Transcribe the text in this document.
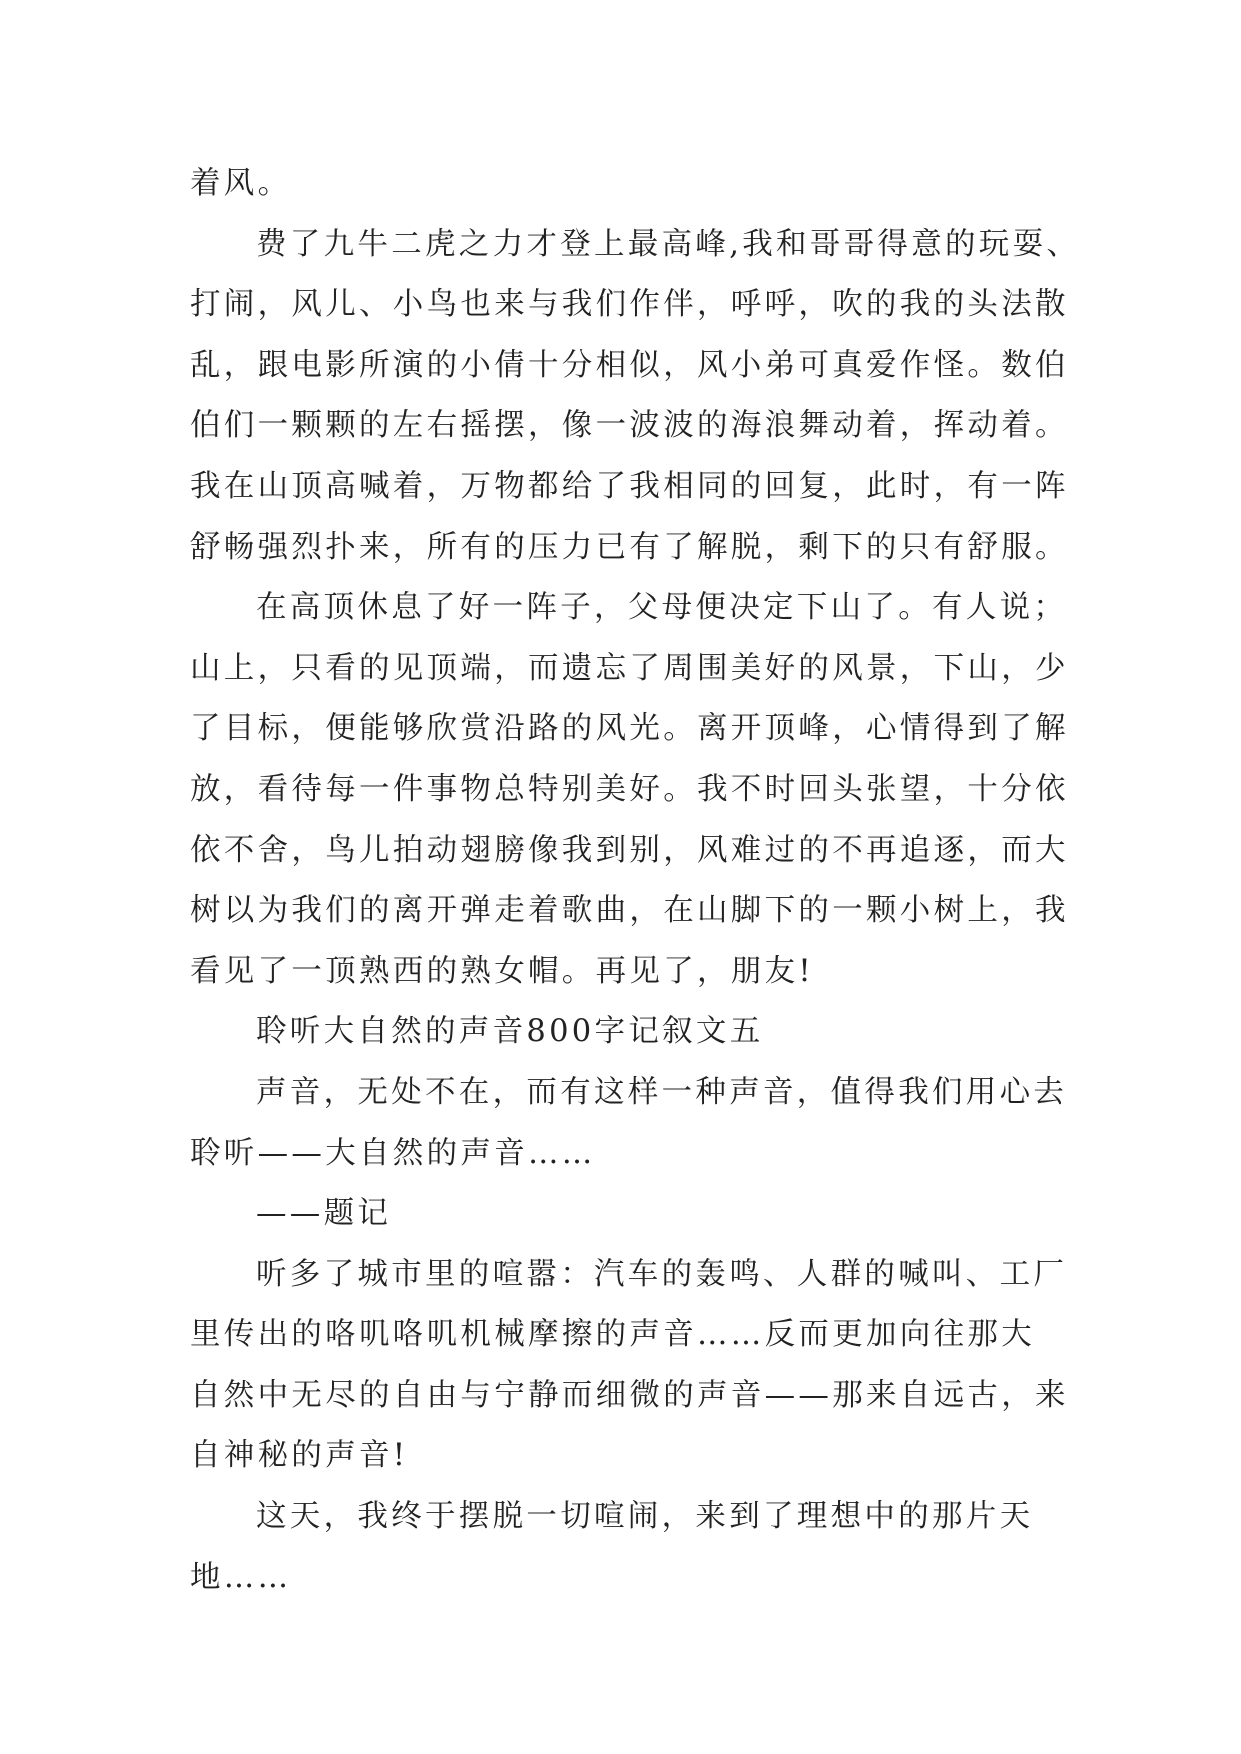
着风。
费了九牛二虎之力才登上最高峰,我和哥哥得意的玩耍、
打闹，风儿、小鸟也来与我们作伴，呼呼，吹的我的头法散
乱，跟电影所演的小倩十分相似，风小弟可真爱作怪。数伯
伯们一颗颗的左右摇摆，像一波波的海浪舞动着，挥动着。
我在山顶高喊着，万物都给了我相同的回复，此时，有一阵
舒畅强烈扑来，所有的压力已有了解脱，剩下的只有舒服。
在高顶休息了好一阵子，父母便决定下山了。有人说；
山上，只看的见顶端，而遗忘了周围美好的风景，下山，少
了目标，便能够欣赏沿路的风光。离开顶峰，心情得到了解
放，看待每一件事物总特别美好。我不时回头张望，十分依
依不舍，鸟儿拍动翅膀像我到别，风难过的不再追逐，而大
树以为我们的离开弹走着歌曲，在山脚下的一颗小树上，我
看见了一顶熟西的熟女帽。再见了，朋友!
聆听大自然的声音800字记叙文五
声音，无处不在，而有这样一种声音，值得我们用心去
聆听——大自然的声音……
——题记
听多了城市里的喧嚣：汽车的轰鸣、人群的喊叫、工厂
里传出的咯叽咯叽机械摩擦的声音……反而更加向往那大
自然中无尽的自由与宁静而细微的声音——那来自远古，来
自神秘的声音!
这天，我终于摆脱一切喧闹，来到了理想中的那片天
地……
